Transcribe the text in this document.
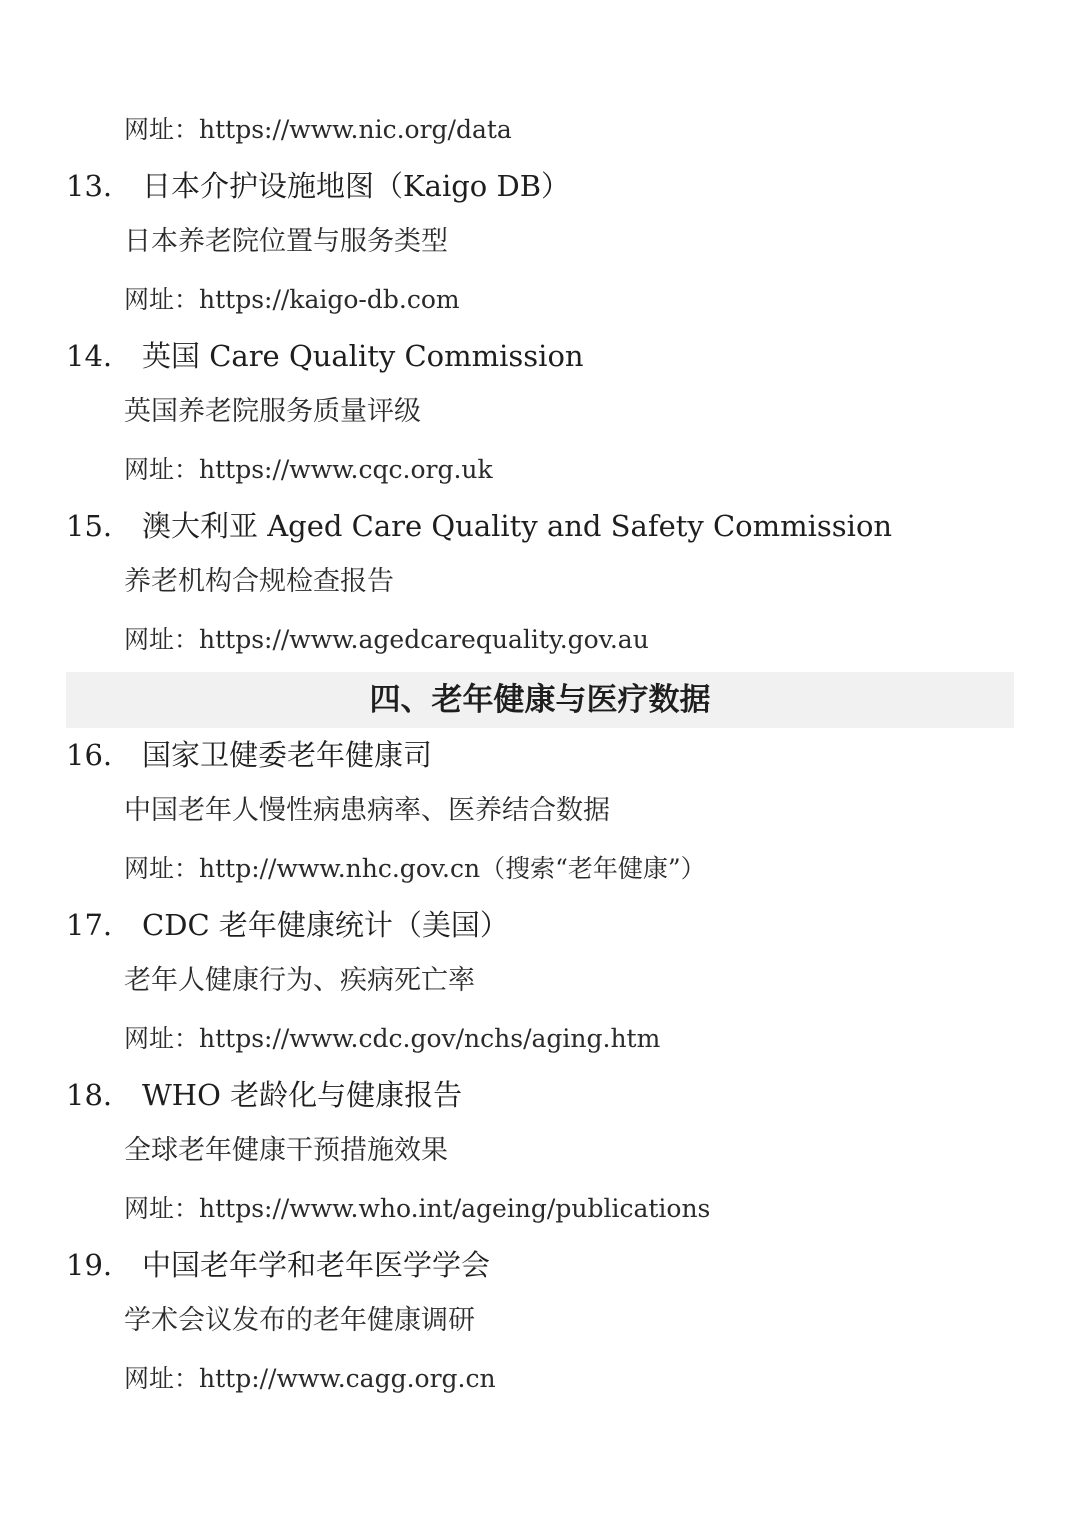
网址：https://www.nic.org/data
13. 日本介护设施地图（Kaigo DB）
日本养老院位置与服务类型
网址：https://kaigo-db.com
14. 英国 Care Quality Commission
英国养老院服务质量评级
网址：https://www.cqc.org.uk
15. 澳大利亚 Aged Care Quality and Safety Commission
养老机构合规检查报告
网址：https://www.agedcarequality.gov.au
四、老年健康与医疗数据
16. 国家卫健委老年健康司
中国老年人慢性病患病率、医养结合数据
网址：http://www.nhc.gov.cn（搜索“老年健康”）
17. CDC 老年健康统计（美国）
老年人健康行为、疾病死亡率
网址：https://www.cdc.gov/nchs/aging.htm
18. WHO 老龄化与健康报告
全球老年健康干预措施效果
网址：https://www.who.int/ageing/publications
19. 中国老年学和老年医学学会
学术会议发布的老年健康调研
网址：http://www.cagg.org.cn
